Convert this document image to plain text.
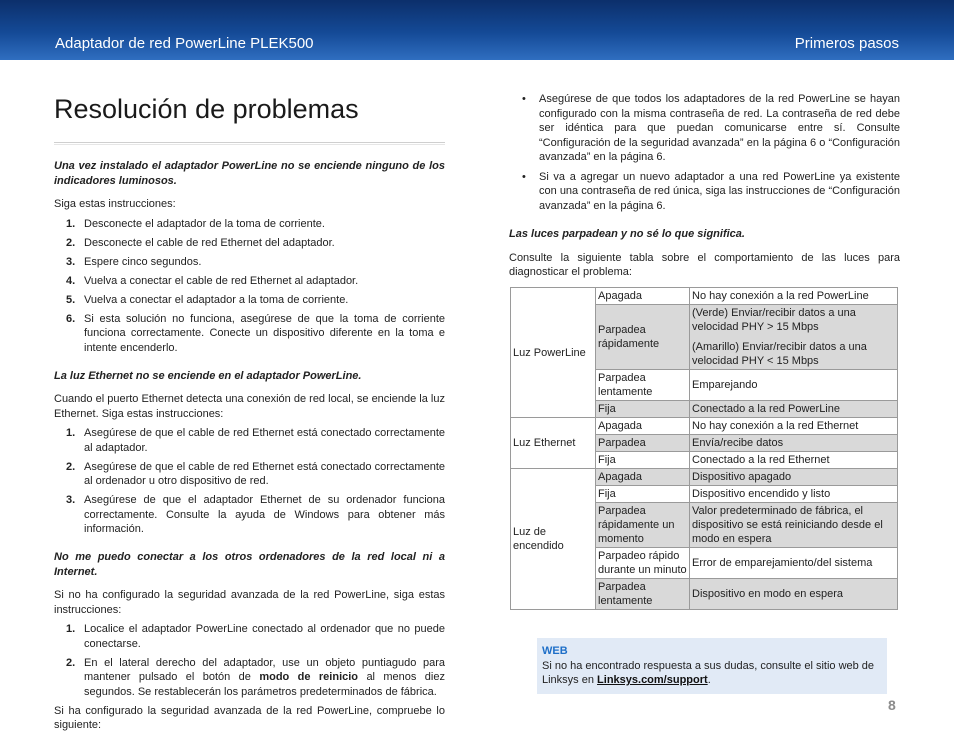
Adaptador de red PowerLine PLEK500	Primeros pasos
Resolución de problemas

Una vez instalado el adaptador PowerLine no se enciende ninguno de los indicadores luminosos.

Siga estas instrucciones:

1. Desconecte el adaptador de la toma de corriente.
2. Desconecte el cable de red Ethernet del adaptador.
3. Espere cinco segundos.
4. Vuelva a conectar el cable de red Ethernet al adaptador.
5. Vuelva a conectar el adaptador a la toma de corriente.
6. Si esta solución no funciona, asegúrese de que la toma de corriente funciona correctamente. Conecte un dispositivo diferente en la toma e intente encenderlo.

La luz Ethernet no se enciende en el adaptador PowerLine.

Cuando el puerto Ethernet detecta una conexión de red local, se enciende la luz Ethernet. Siga estas instrucciones:

1. Asegúrese de que el cable de red Ethernet está conectado correctamente al adaptador.
2. Asegúrese de que el cable de red Ethernet está conectado correctamente al ordenador u otro dispositivo de red.
3. Asegúrese de que el adaptador Ethernet de su ordenador funciona correctamente. Consulte la ayuda de Windows para obtener más información.

No me puedo conectar a los otros ordenadores de la red local ni a Internet.

Si no ha configurado la seguridad avanzada de la red PowerLine, siga estas instrucciones:

1. Localice el adaptador PowerLine conectado al ordenador que no puede conectarse.
2. En el lateral derecho del adaptador, use un objeto puntiagudo para mantener pulsado el botón de modo de reinicio al menos diez segundos. Se restablecerán los parámetros predeterminados de fábrica.

Si ha configurado la seguridad avanzada de la red PowerLine, compruebe lo siguiente:

• Asegúrese de que todos los adaptadores de la red PowerLine se hayan configurado con la misma contraseña de red. La contraseña de red debe ser idéntica para que puedan comunicarse entre sí. Consulte “Configuración de la seguridad avanzada” en la página 6 o “Configuración avanzada” en la página 6.
• Si va a agregar un nuevo adaptador a una red PowerLine ya existente con una contraseña de red única, siga las instrucciones de “Configuración avanzada” en la página 6.

Las luces parpadean y no sé lo que significa.

Consulte la siguiente tabla sobre el comportamiento de las luces para diagnosticar el problema:

Luz PowerLine	Apagada	No hay conexión a la red PowerLine
	Parpadea rápidamente	(Verde) Enviar/recibir datos a una velocidad PHY > 15 Mbps
(Amarillo) Enviar/recibir datos a una velocidad PHY < 15 Mbps

	Parpadea lentamente	Emparejando
	Fija	Conectado a la red PowerLine
Luz Ethernet	Apagada	No hay conexión a la red Ethernet
	Parpadea	Envía/recibe datos
	Fija	Conectado a la red Ethernet
Luz de encendido	Apagada	Dispositivo apagado
	Fija	Dispositivo encendido y listo
	Parpadea rápidamente un momento	Valor predeterminado de fábrica, el dispositivo se está reiniciando desde el modo en espera
	Parpadeo rápido durante un minuto	Error de emparejamiento/del sistema
	Parpadea lentamente	Dispositivo en modo en espera
WEB
Si no ha encontrado respuesta a sus dudas, consulte el sitio web de Linksys en Linksys.com/support.
8
